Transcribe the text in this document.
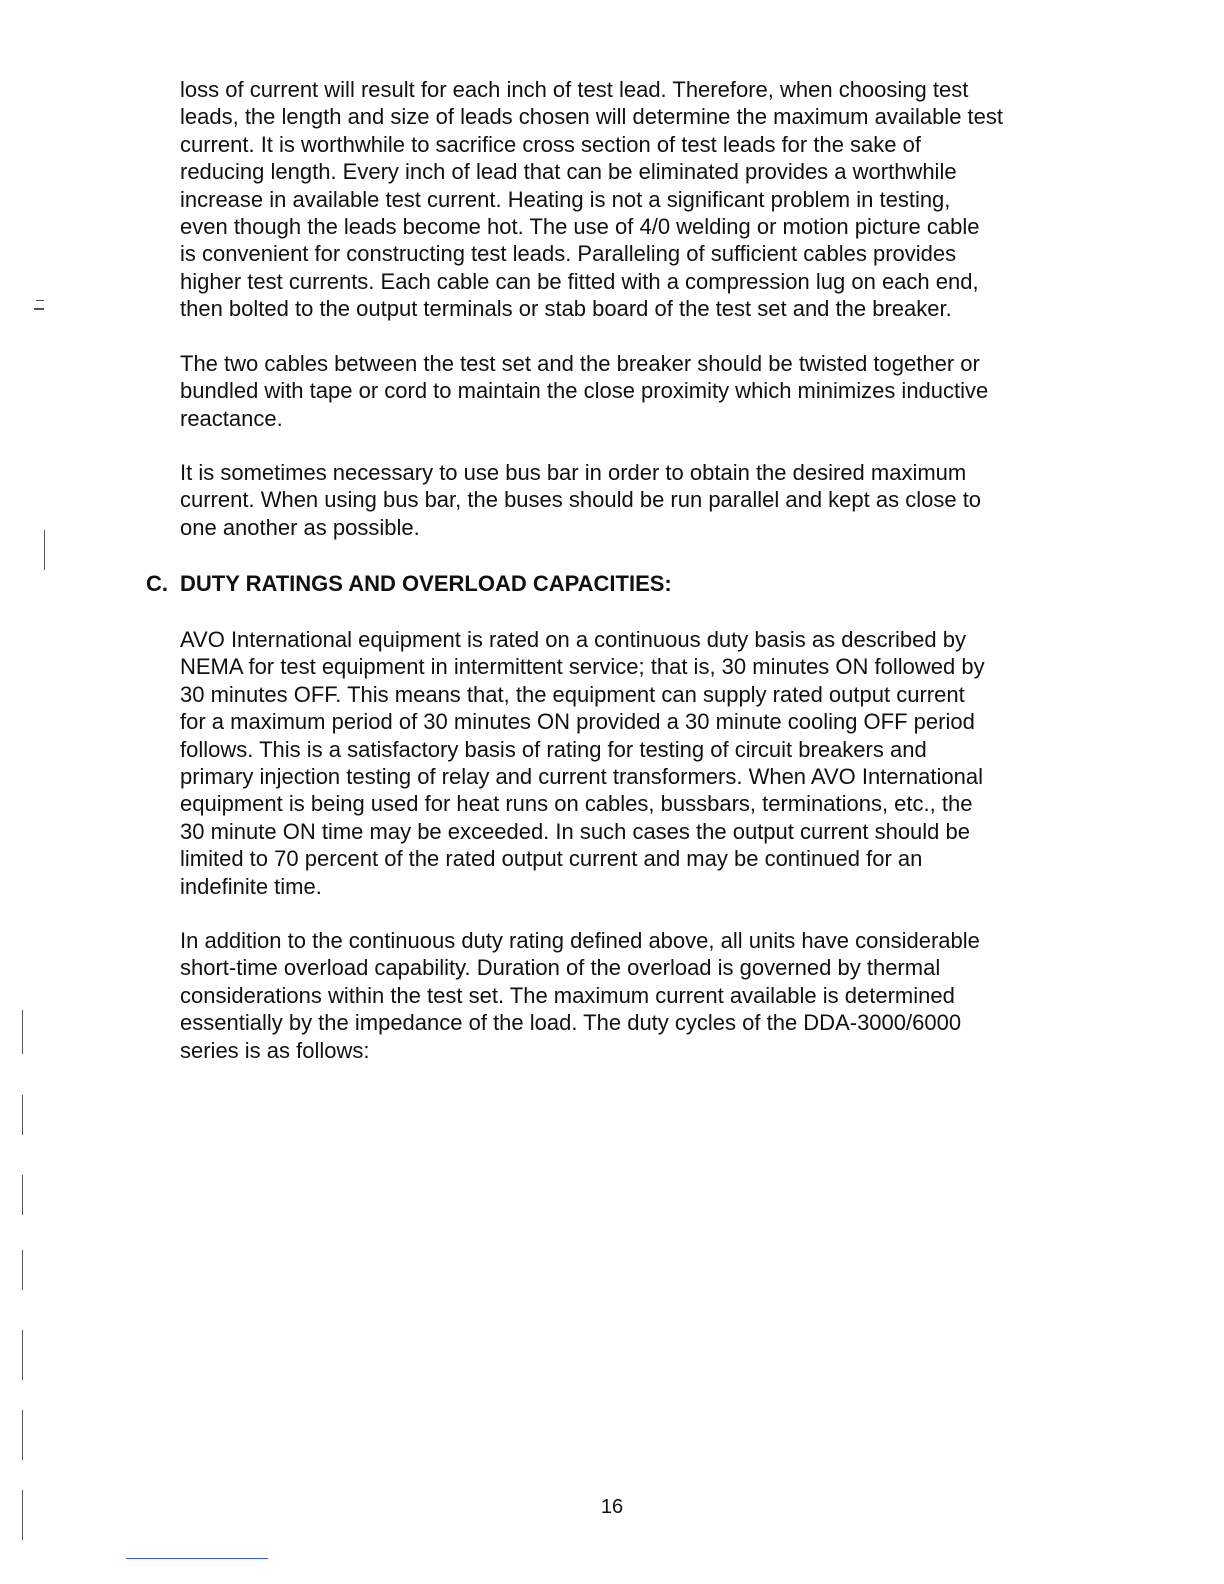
loss of current will result for each inch of test lead. Therefore, when choosing test
leads, the length and size of leads chosen will determine the maximum available test
current. It is worthwhile to sacrifice cross section of test leads for the sake of
reducing length. Every inch of lead that can be eliminated provides a worthwhile
increase in available test current. Heating is not a significant problem in testing,
even though the leads become hot. The use of 4/0 welding or motion picture cable
is convenient for constructing test leads. Paralleling of sufficient cables provides
higher test currents. Each cable can be fitted with a compression lug on each end,
then bolted to the output terminals or stab board of the test set and the breaker.

The two cables between the test set and the breaker should be twisted together or
bundled with tape or cord to maintain the close proximity which minimizes inductive
reactance.

It is sometimes necessary to use bus bar in order to obtain the desired maximum
current. When using bus bar, the buses should be run parallel and kept as close to
one another as possible.

C. DUTY RATINGS AND OVERLOAD CAPACITIES:

AVO International equipment is rated on a continuous duty basis as described by
NEMA for test equipment in intermittent service; that is, 30 minutes ON followed by
30 minutes OFF. This means that, the equipment can supply rated output current
for a maximum period of 30 minutes ON provided a 30 minute cooling OFF period
follows. This is a satisfactory basis of rating for testing of circuit breakers and
primary injection testing of relay and current transformers. When AVO International
equipment is being used for heat runs on cables, bussbars, terminations, etc., the
30 minute ON time may be exceeded. In such cases the output current should be
limited to 70 percent of the rated output current and may be continued for an
indefinite time.

In addition to the continuous duty rating defined above, all units have considerable
short-time overload capability. Duration of the overload is governed by thermal
considerations within the test set. The maximum current available is determined
essentially by the impedance of the load. The duty cycles of the DDA-3000/6000
series is as follows:

16
